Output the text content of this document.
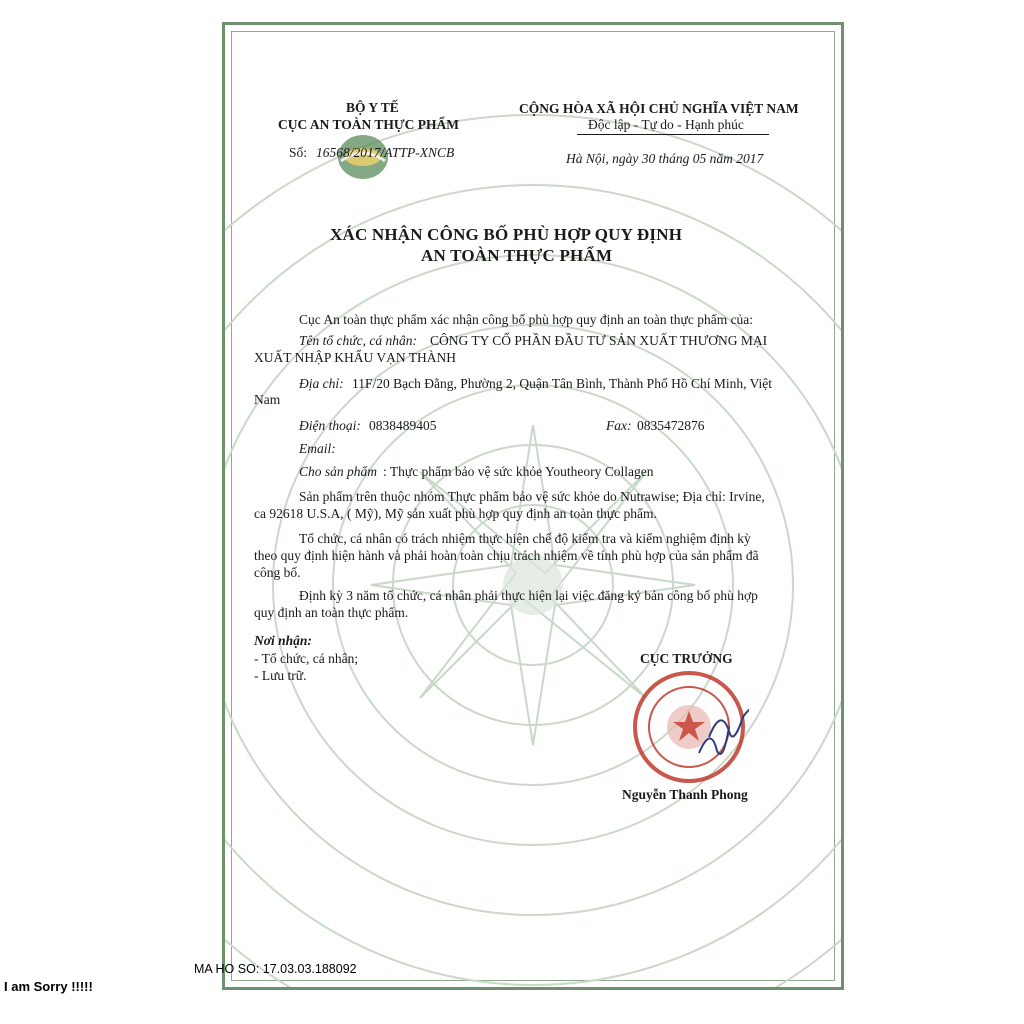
BỘ Y TẾ
CỤC AN TOÀN THỰC PHẨM
Số: 16568/2017/ATTP-XNCB
CỘNG HÒA XÃ HỘI CHỦ NGHĨA VIỆT NAM
Độc lập - Tự do - Hạnh phúc
Hà Nội, ngày 30 tháng 05 năm 2017
XÁC NHẬN CÔNG BỐ PHÙ HỢP QUY ĐỊNH
AN TOÀN THỰC PHẨM
Cục An toàn thực phẩm xác nhận công bố phù hợp quy định an toàn thực phẩm của:
Tên tổ chức, cá nhân: CÔNG TY CỔ PHẦN ĐẦU TƯ SẢN XUẤT THƯƠNG MẠI
XUẤT NHẬP KHẨU VẠN THÀNH
Địa chỉ: 11F/20 Bạch Đằng, Phường 2, Quận Tân Bình, Thành Phố Hồ Chí Minh, Việt
Nam
Điện thoại: 0838489405	Fax: 0835472876
Email:
Cho sản phẩm : Thực phẩm bảo vệ sức khỏe Youtheory Collagen
Sản phẩm trên thuộc nhóm Thực phẩm bảo vệ sức khỏe do Nutrawise; Địa chỉ: Irvine,
ca 92618 U.S.A, ( Mỹ), Mỹ sản xuất phù hợp quy định an toàn thực phẩm.
Tổ chức, cá nhân có trách nhiệm thực hiện chế độ kiểm tra và kiểm nghiệm định kỳ
theo quy định hiện hành và phải hoàn toàn chịu trách nhiệm về tính phù hợp của sản phẩm đã
công bố.
Định kỳ 3 năm tổ chức, cá nhân phải thực hiện lại việc đăng ký bản công bố phù hợp
quy định an toàn thực phẩm.
Nơi nhận:
- Tổ chức, cá nhân;
- Lưu trữ.
CỤC TRƯỞNG
Nguyễn Thanh Phong
MA HO SO: 17.03.03.188092
I am Sorry !!!!!
